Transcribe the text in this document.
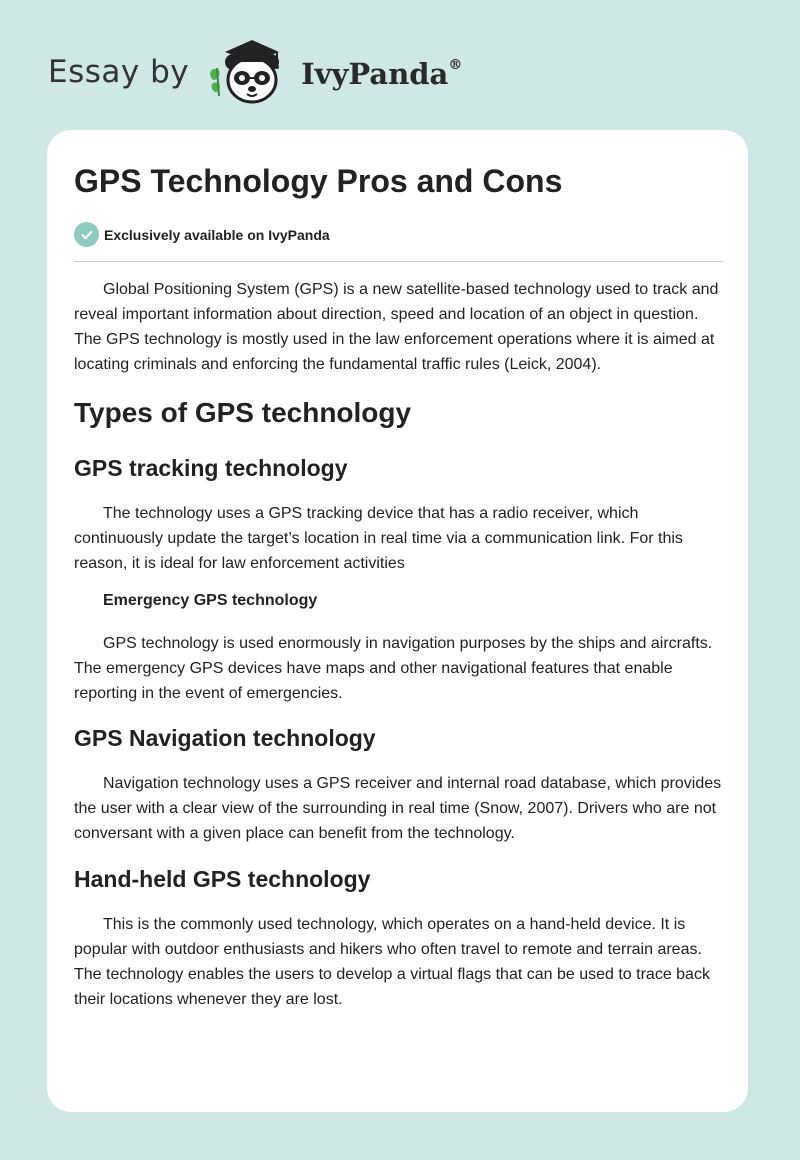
Essay by	IvyPanda®
GPS Technology Pros and Cons
Exclusively available on IvyPanda

Global Positioning System (GPS) is a new satellite-based technology used to track and reveal important information about direction, speed and location of an object in question. The GPS technology is mostly used in the law enforcement operations where it is aimed at locating criminals and enforcing the fundamental traffic rules (Leick, 2004).

Types of GPS technology
GPS tracking technology

The technology uses a GPS tracking device that has a radio receiver, which continuously update the target’s location in real time via a communication link. For this reason, it is ideal for law enforcement activities

Emergency GPS technology

GPS technology is used enormously in navigation purposes by the ships and aircrafts. The emergency GPS devices have maps and other navigational features that enable reporting in the event of emergencies.

GPS Navigation technology

Navigation technology uses a GPS receiver and internal road database, which provides the user with a clear view of the surrounding in real time (Snow, 2007). Drivers who are not conversant with a given place can benefit from the technology.

Hand-held GPS technology

This is the commonly used technology, which operates on a hand-held device. It is popular with outdoor enthusiasts and hikers who often travel to remote and terrain areas. The technology enables the users to develop a virtual flags that can be used to trace back their locations whenever they are lost.
